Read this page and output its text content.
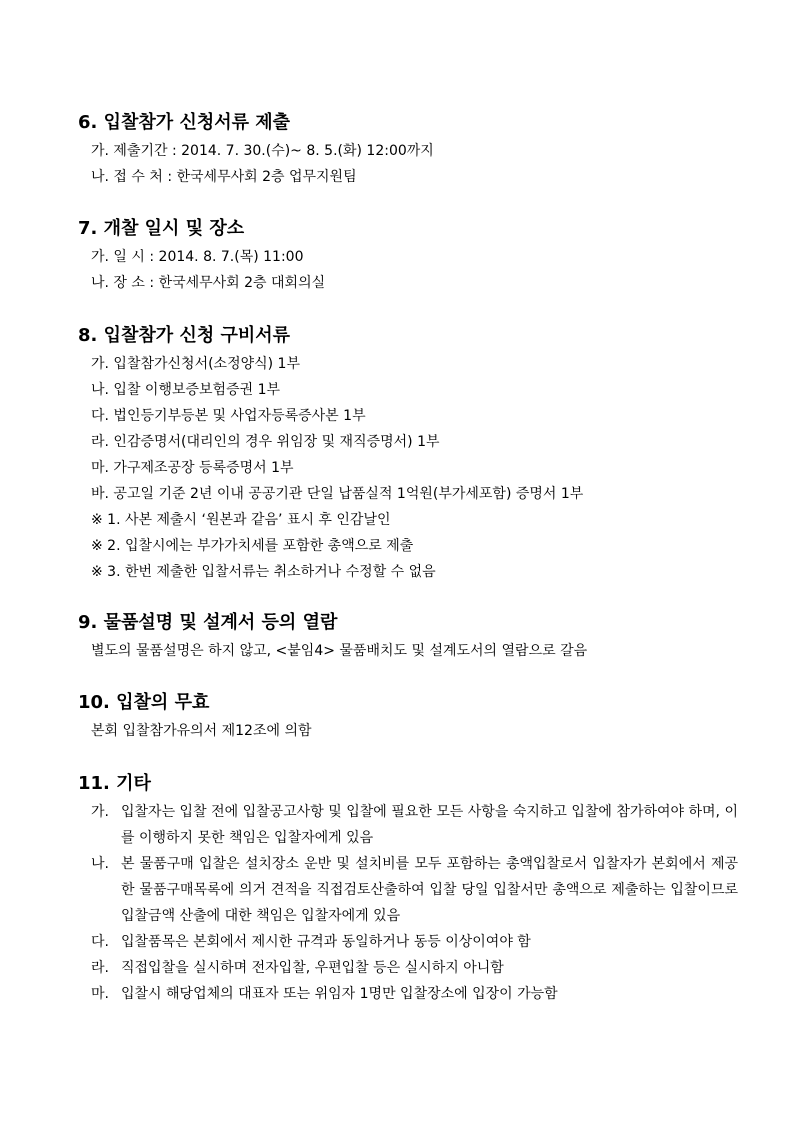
6. 입찰참가 신청서류 제출
가. 제출기간 : 2014. 7. 30.(수)~ 8. 5.(화) 12:00까지
나. 접 수 처 : 한국세무사회 2층 업무지원팀
7. 개찰 일시 및 장소
가. 일 시 : 2014. 8. 7.(목) 11:00
나. 장 소 : 한국세무사회 2층 대회의실
8. 입찰참가 신청 구비서류
가. 입찰참가신청서(소정양식) 1부
나. 입찰 이행보증보험증권 1부
다. 법인등기부등본 및 사업자등록증사본 1부
라. 인감증명서(대리인의 경우 위임장 및 재직증명서) 1부
마. 가구제조공장 등록증명서 1부
바. 공고일 기준 2년 이내 공공기관 단일 납품실적 1억원(부가세포함) 증명서 1부
※ 1. 사본 제출시 ‘원본과 같음’ 표시 후 인감날인
※ 2. 입찰시에는 부가가치세를 포함한 총액으로 제출
※ 3. 한번 제출한 입찰서류는 취소하거나 수정할 수 없음
9. 물품설명 및 설계서 등의 열람
별도의 물품설명은 하지 않고, <붙임4> 물품배치도 및 설계도서의 열람으로 갈음
10. 입찰의 무효
본회 입찰참가유의서 제12조에 의함
11. 기타
가. 입찰자는 입찰 전에 입찰공고사항 및 입찰에 필요한 모든 사항을 숙지하고 입찰에 참가하여야 하며, 이를 이행하지 못한 책임은 입찰자에게 있음
나. 본 물품구매 입찰은 설치장소 운반 및 설치비를 모두 포함하는 총액입찰로서 입찰자가 본회에서 제공한 물품구매목록에 의거 견적을 직접검토산출하여 입찰 당일 입찰서만 총액으로 제출하는 입찰이므로 입찰금액 산출에 대한 책임은 입찰자에게 있음
다. 입찰품목은 본회에서 제시한 규격과 동일하거나 동등 이상이여야 함
라. 직접입찰을 실시하며 전자입찰, 우편입찰 등은 실시하지 아니함
마. 입찰시 해당업체의 대표자 또는 위임자 1명만 입찰장소에 입장이 가능함
